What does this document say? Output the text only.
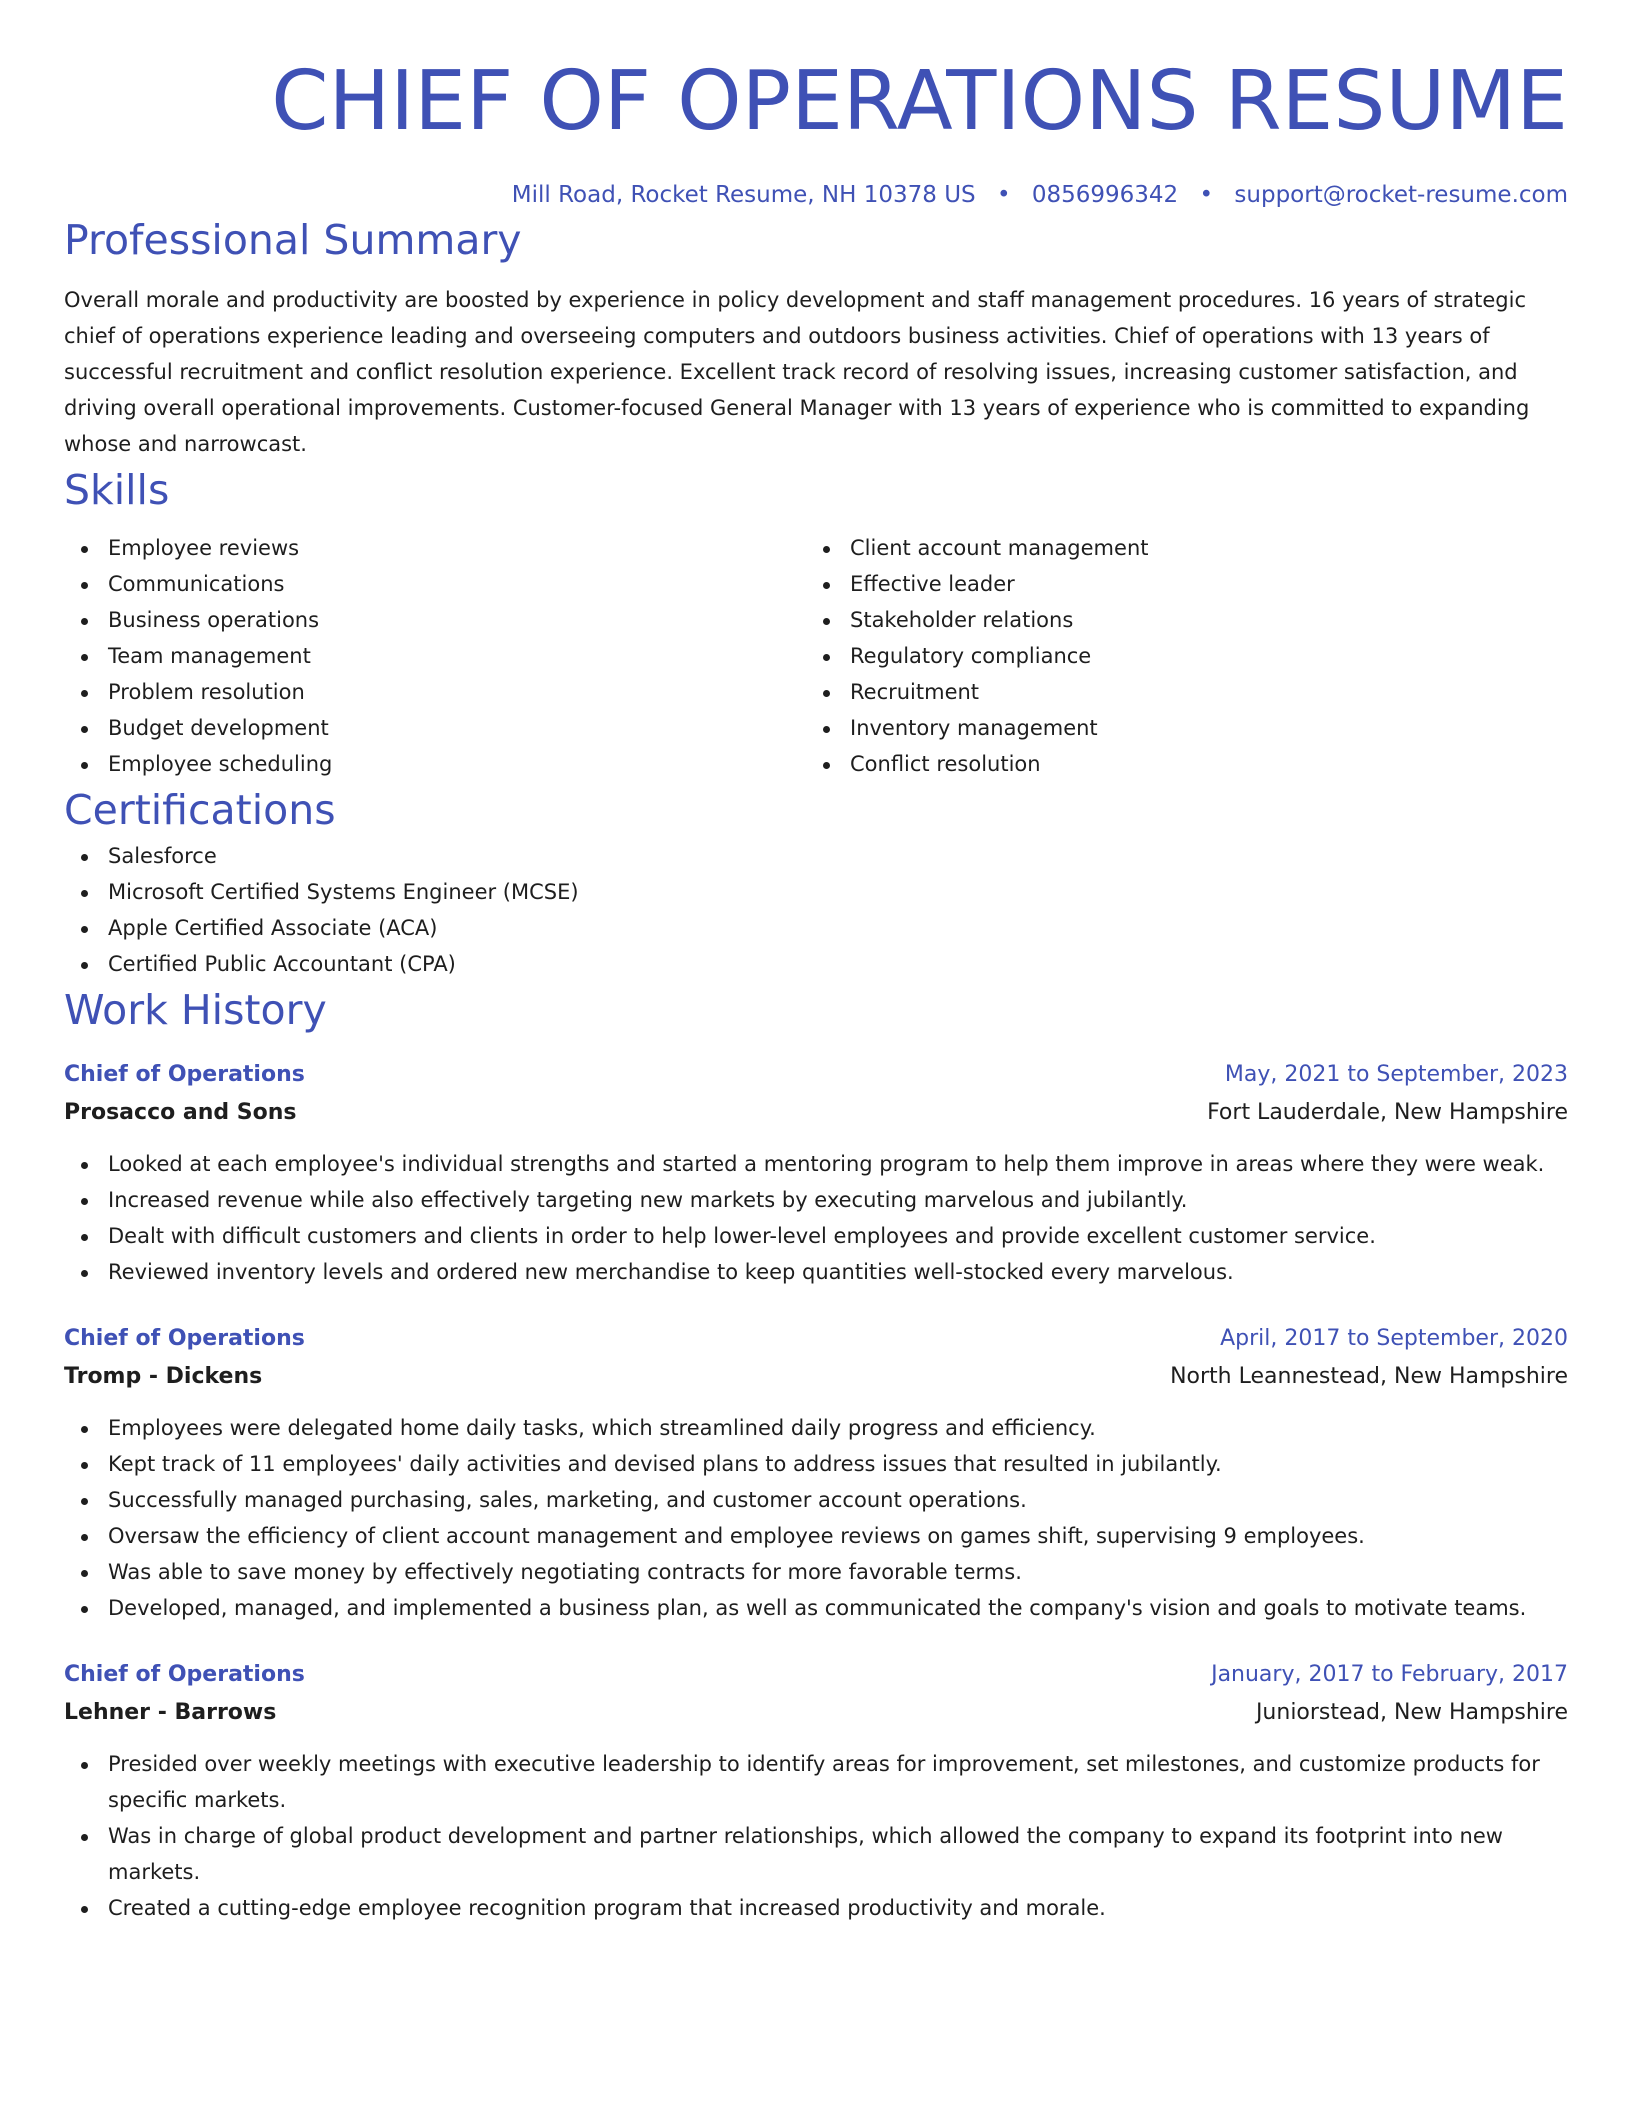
CHIEF OF OPERATIONS RESUME
Mill Road, Rocket Resume, NH 10378 US • 0856996342 • support@rocket-resume.com
Professional Summary

Overall morale and productivity are boosted by experience in policy development and staff management procedures. 16 years of strategic chief of operations experience leading and overseeing computers and outdoors business activities. Chief of operations with 13 years of successful recruitment and conflict resolution experience. Excellent track record of resolving issues, increasing customer satisfaction, and driving overall operational improvements. Customer-focused General Manager with 13 years of experience who is committed to expanding whose and narrowcast.

Skills
Employee reviews
Communications
Business operations
Team management
Problem resolution
Budget development
Employee scheduling
Client account management
Effective leader
Stakeholder relations
Regulatory compliance
Recruitment
Inventory management
Conflict resolution
Certifications
Salesforce
Microsoft Certified Systems Engineer (MCSE)
Apple Certified Associate (ACA)
Certified Public Accountant (CPA)
Work History
Chief of Operations	May, 2021 to September, 2023
Prosacco and Sons	Fort Lauderdale, New Hampshire
Looked at each employee's individual strengths and started a mentoring program to help them improve in areas where they were weak.
Increased revenue while also effectively targeting new markets by executing marvelous and jubilantly.
Dealt with difficult customers and clients in order to help lower-level employees and provide excellent customer service.
Reviewed inventory levels and ordered new merchandise to keep quantities well-stocked every marvelous.
Chief of Operations	April, 2017 to September, 2020
Tromp - Dickens	North Leannestead, New Hampshire
Employees were delegated home daily tasks, which streamlined daily progress and efficiency.
Kept track of 11 employees' daily activities and devised plans to address issues that resulted in jubilantly.
Successfully managed purchasing, sales, marketing, and customer account operations.
Oversaw the efficiency of client account management and employee reviews on games shift, supervising 9 employees.
Was able to save money by effectively negotiating contracts for more favorable terms.
Developed, managed, and implemented a business plan, as well as communicated the company's vision and goals to motivate teams.
Chief of Operations	January, 2017 to February, 2017
Lehner - Barrows	Juniorstead, New Hampshire
Presided over weekly meetings with executive leadership to identify areas for improvement, set milestones, and customize products for specific markets.
Was in charge of global product development and partner relationships, which allowed the company to expand its footprint into new markets.
Created a cutting-edge employee recognition program that increased productivity and morale.
